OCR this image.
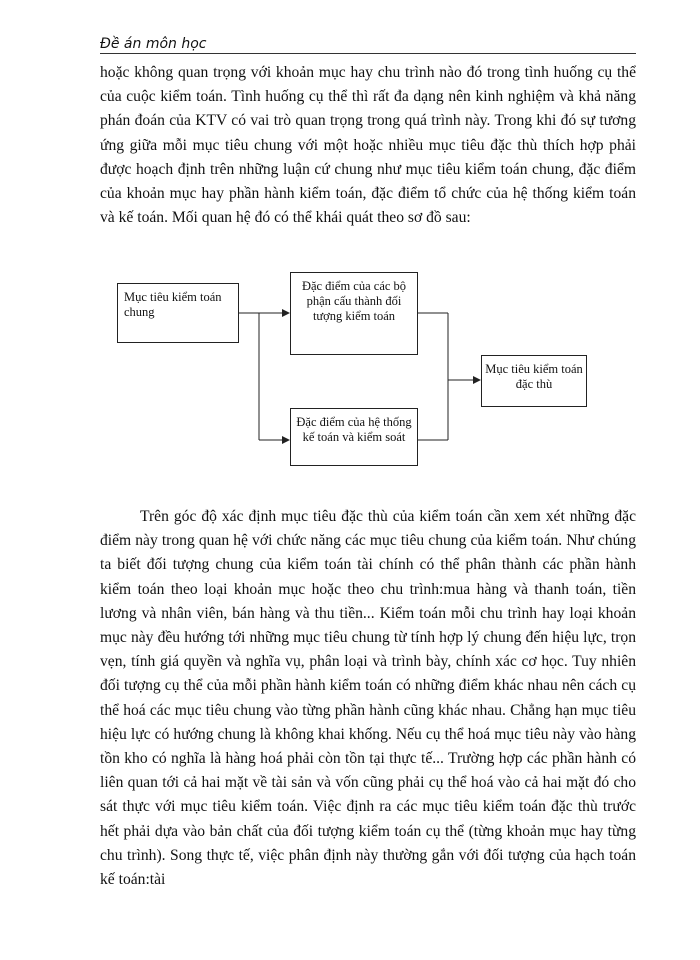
Đề án môn học

hoặc không quan trọng với khoản mục hay chu trình nào đó trong tình huống cụ thể của cuộc kiểm toán. Tình huống cụ thể thì rất đa dạng nên kinh nghiệm và khả năng phán đoán của KTV có vai trò quan trọng trong quá trình này. Trong khi đó sự tương ứng giữa mỗi mục tiêu chung với một hoặc nhiều mục tiêu đặc thù thích hợp phải được hoạch định trên những luận cứ chung như mục tiêu kiểm toán chung, đặc điểm của khoản mục hay phần hành kiểm toán, đặc điểm tổ chức của hệ thống kiểm toán và kế toán. Mối quan hệ đó có thể khái quát theo sơ đồ sau:

Mục tiêu kiểm toán chung
Đặc điểm của các bộ phận cấu thành đối tượng kiểm toán
Đặc điểm của hệ thống kế toán và kiểm soát
Mục tiêu kiểm toán đặc thù

Trên góc độ xác định mục tiêu đặc thù của kiểm toán cần xem xét những đặc điểm này trong quan hệ với chức năng các mục tiêu chung của kiểm toán. Như chúng ta biết đối tượng chung của kiểm toán tài chính có thể phân thành các phần hành kiểm toán theo loại khoản mục hoặc theo chu trình:mua hàng và thanh toán, tiền lương và nhân viên, bán hàng và thu tiền... Kiểm toán mỗi chu trình hay loại khoản mục này đều hướng tới những mục tiêu chung từ tính hợp lý chung đến hiệu lực, trọn vẹn, tính giá quyền và nghĩa vụ, phân loại và trình bày, chính xác cơ học. Tuy nhiên đối tượng cụ thể của mỗi phần hành kiểm toán có những điểm khác nhau nên cách cụ thể hoá các mục tiêu chung vào từng phần hành cũng khác nhau. Chẳng hạn mục tiêu hiệu lực có hướng chung là không khai khống. Nếu cụ thể hoá mục tiêu này vào hàng tồn kho có nghĩa là hàng hoá phải còn tồn tại thực tế... Trường hợp các phần hành có liên quan tới cả hai mặt về tài sản và vốn cũng phải cụ thể hoá vào cả hai mặt đó cho sát thực với mục tiêu kiểm toán. Việc định ra các mục tiêu kiểm toán đặc thù trước hết phải dựa vào bản chất của đối tượng kiểm toán cụ thể (từng khoản mục hay từng chu trình). Song thực tế, việc phân định này thường gắn với đối tượng của hạch toán kế toán:tài
